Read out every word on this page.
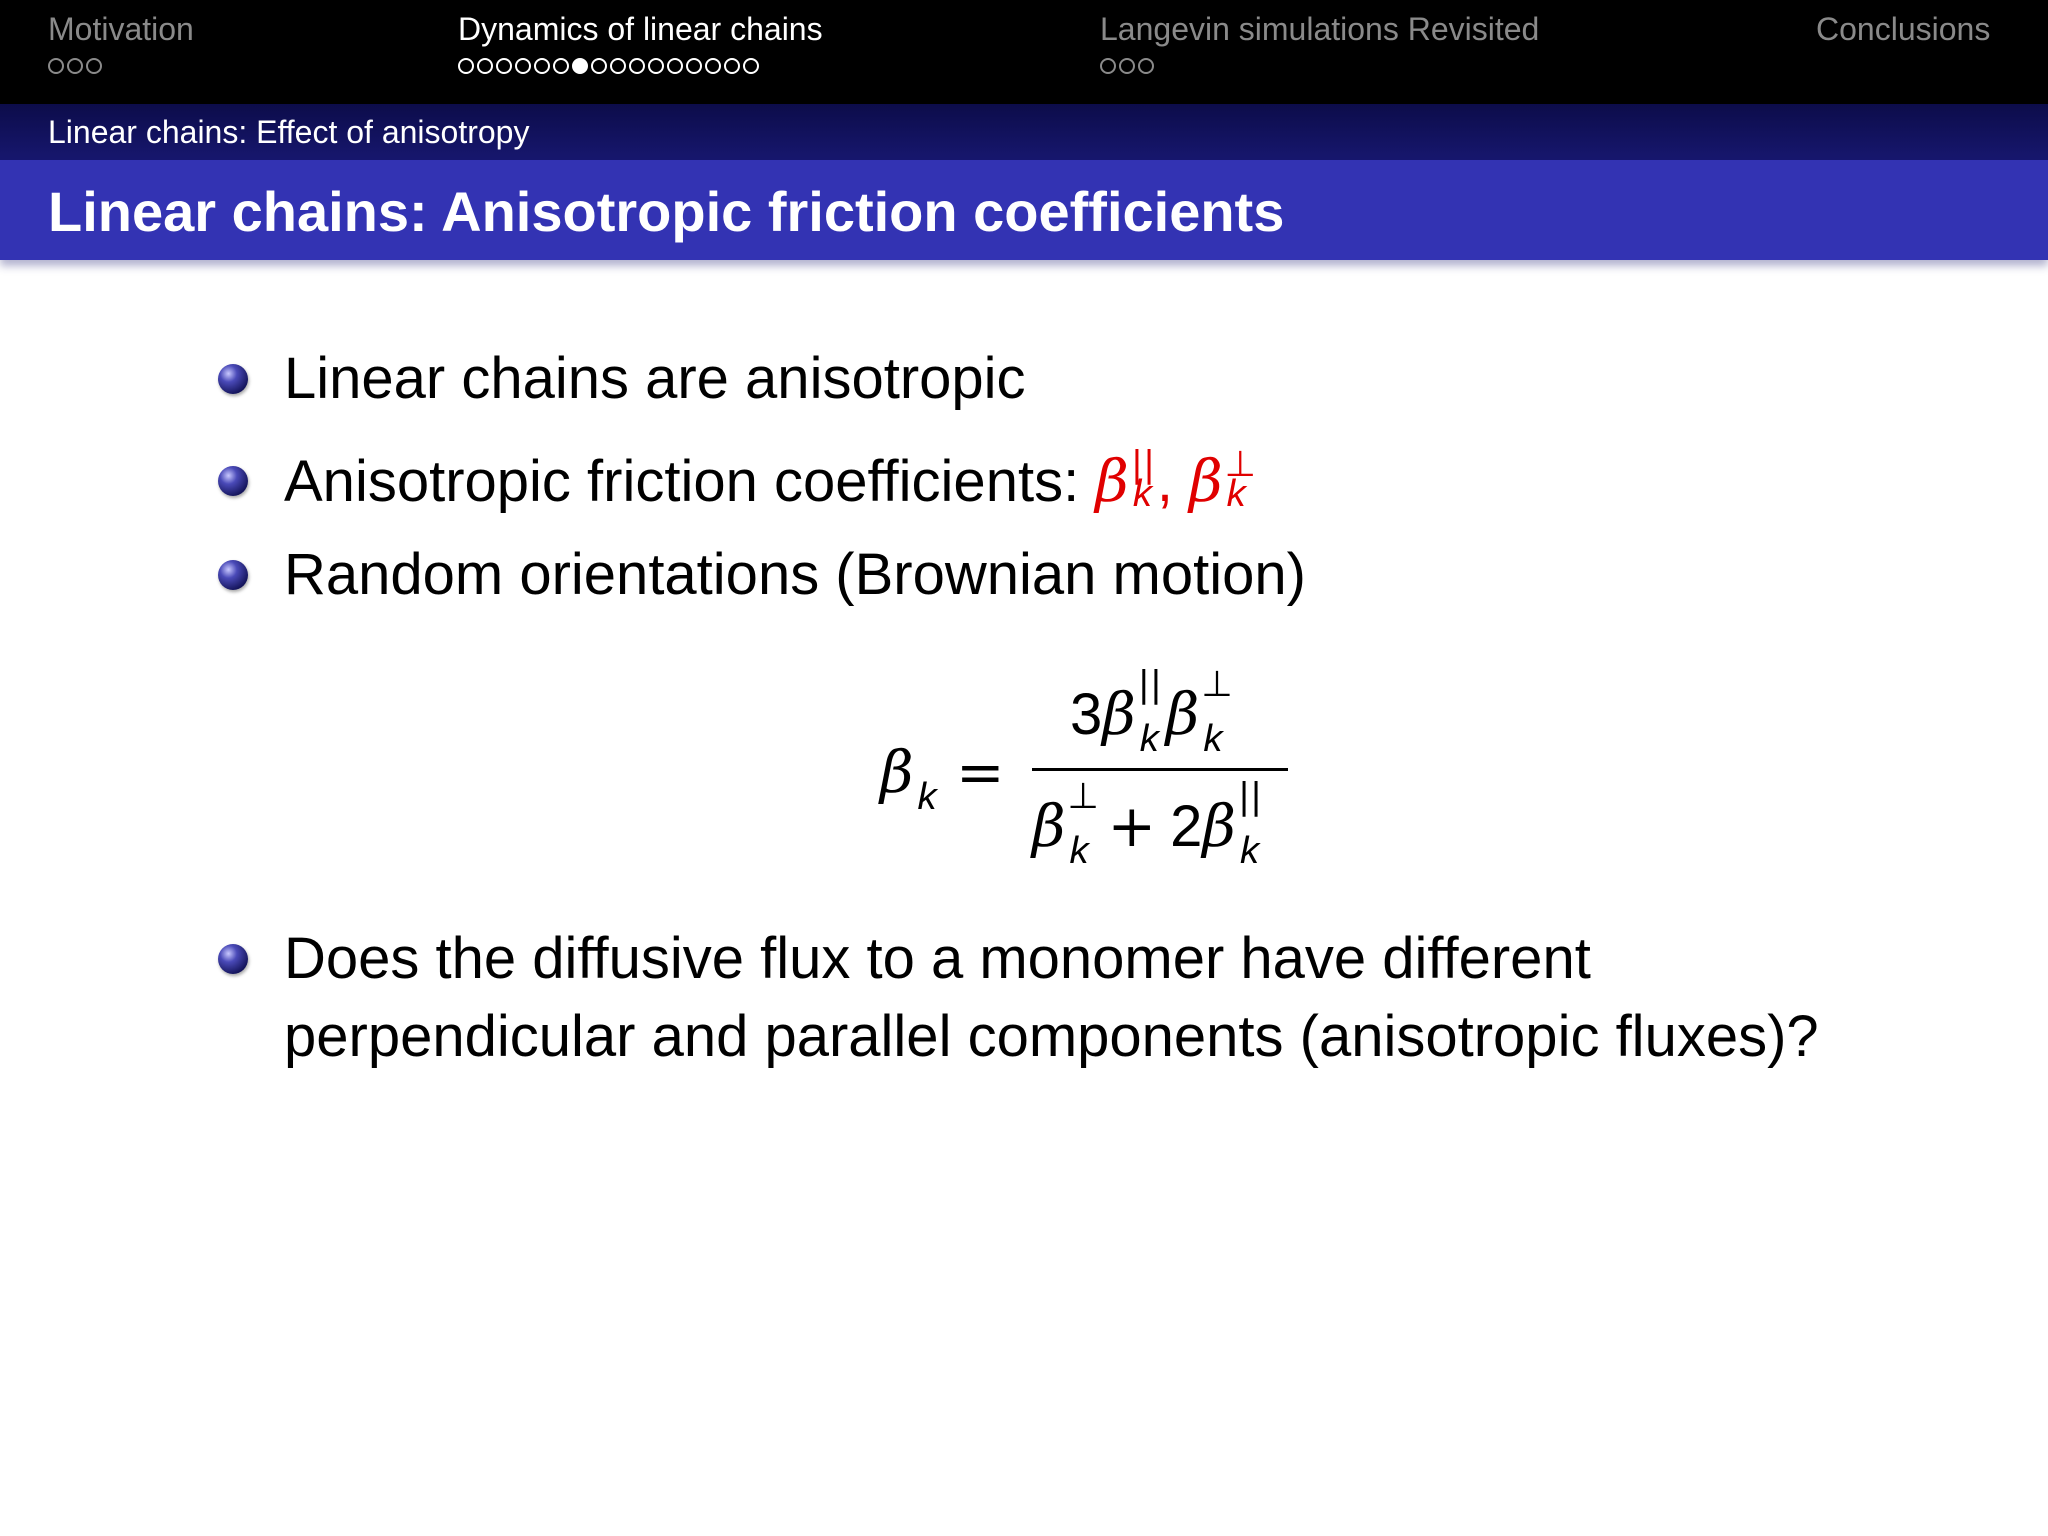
Motivation	Dynamics of linear chains	Langevin simulations Revisited	Conclusions
Linear chains: Effect of anisotropy
Linear chains: Anisotropic friction coefficients
Linear chains are anisotropic
Anisotropic friction coefficients: β ||
k , β ⊥
k
Random orientations (Brownian motion)
β k =
3β ||
k β ⊥
k
β ⊥
k + 2β ||
k
Does the diffusive flux to a monomer have different perpendicular and parallel components (anisotropic fluxes)?
